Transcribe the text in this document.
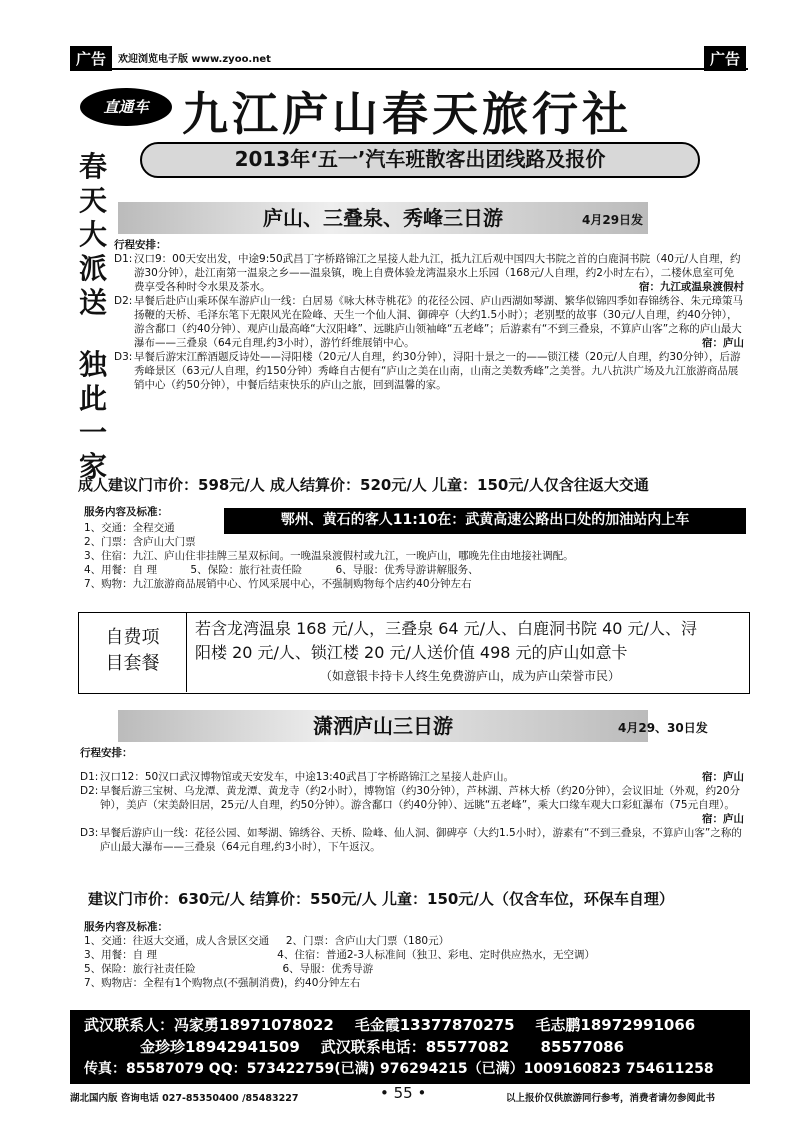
广告	欢迎浏览电子版 www.zyoo.net	广告
直通车 九江庐山春天旅行社
2013年‘五一’汽车班散客出团线路及报价
春
天
大
派
送
独
此
一
家
庐山、三叠泉、秀峰三日游	4月29日发
行程安排：
D1: 汉口9：00天安出发，中途9:50武昌丁字桥路锦江之星接人赴九江，抵九江后观中国四大书院之首的白鹿洞书院（40元/人自理，约游30分钟），赴江南第一温泉之乡——温泉镇，晚上自费体验龙湾温泉水上乐园（168元/人自理，约2小时左右），二楼休息室可免费享受各种时令水果及茶水。	宿：九江或温泉渡假村
D2: 早餐后赴庐山乘环保车游庐山一线：白居易《咏大林寺桃花》的花径公园、庐山西湖如琴湖、繁华似锦四季如春锦绣谷、朱元璋策马扬鞭的天桥、毛泽东笔下无限风光在险峰、天生一个仙人洞、御碑亭（大约1.5小时）；老别墅的故事（30元/人自理，约40分钟），游含鄱口（约40分钟）、观庐山最高峰“大汉阳峰”、远眺庐山领袖峰“五老峰”；后游素有“不到三叠泉，不算庐山客”之称的庐山最大瀑布——三叠泉（64元自理,约3小时），游竹纤维展销中心。	宿：庐山
D3: 早餐后游宋江醉酒题反诗处——浔阳楼（20元/人自理，约30分钟），浔阳十景之一的——锁江楼（20元/人自理，约30分钟），后游秀峰景区（63元/人自理，约150分钟）秀峰自古便有“庐山之美在山南，山南之美数秀峰”之美誉。九八抗洪广场及九江旅游商品展销中心（约50分钟），中餐后结束快乐的庐山之旅，回到温馨的家。
成人建议门市价：598元/人 成人结算价：520元/人 儿童：150元/人仅含往返大交通
服务内容及标准：	鄂州、黄石的客人11:10在：武黄高速公路出口处的加油站内上车
1、交通：全程交通
2、门票：含庐山大门票
3、住宿：九江、庐山住非挂牌三星双标间。一晚温泉渡假村或九江，一晚庐山，哪晚先住由地接社调配。
4、用餐：自 理          5、保险：旅行社责任险          6、导服：优秀导游讲解服务、
7、购物：九江旅游商品展销中心、竹风采展中心，不强制购物每个店约40分钟左右
自费项
目套餐
若含龙湾温泉 168 元/人，三叠泉 64 元/人、白鹿洞书院 40 元/人、浔
阳楼 20 元/人、锁江楼 20 元/人送价值 498 元的庐山如意卡
（如意银卡持卡人终生免费游庐山，成为庐山荣誉市民）
潇洒庐山三日游	4月29、30日发
行程安排：
D1: 汉口12：50汉口武汉博物馆或天安发车，中途13:40武昌丁字桥路锦江之星接人赴庐山。	宿：庐山
D2: 早餐后游三宝树、乌龙潭、黄龙潭、黄龙寺（约2小时），博物馆（约30分钟），芦林湖、芦林大桥（约20分钟），会议旧址（外观，约20分钟），美庐（宋美龄旧居，25元/人自理，约50分钟）。游含鄱口（约40分钟）、远眺“五老峰”，乘大口缘车观大口彩虹瀑布（75元自理）。
宿：庐山
D3: 早餐后游庐山一线：花径公园、如琴湖、锦绣谷、天桥、险峰、仙人洞、御碑亭（大约1.5小时），游素有“不到三叠泉，不算庐山客”之称的庐山最大瀑布——三叠泉（64元自理,约3小时），下午返汉。
建议门市价：630元/人 结算价：550元/人 儿童：150元/人（仅含车位，环保车自理）
服务内容及标准：
1、交通：往返大交通，成人含景区交通     2、门票：含庐山大门票（180元）
3、用餐：自 理                                    4、住宿：普通2-3人标准间（独卫、彩电、定时供应热水，无空调）
5、保险：旅行社责任险                          6、导服：优秀导游
7、购物店：全程有1个购物点(不强制消费)，约40分钟左右
武汉联系人：冯家勇18971078022    毛金霞13377870275    毛志鹏18972991066
金珍珍18942941509    武汉联系电话：85577082      85577086
传真：85587079 QQ：573422759(已满) 976294215（已满）1009160823 754611258
湖北国内版 咨询电话 027-85350400 /85483227	• 55 •	以上报价仅供旅游同行参考，消费者请勿参阅此书
